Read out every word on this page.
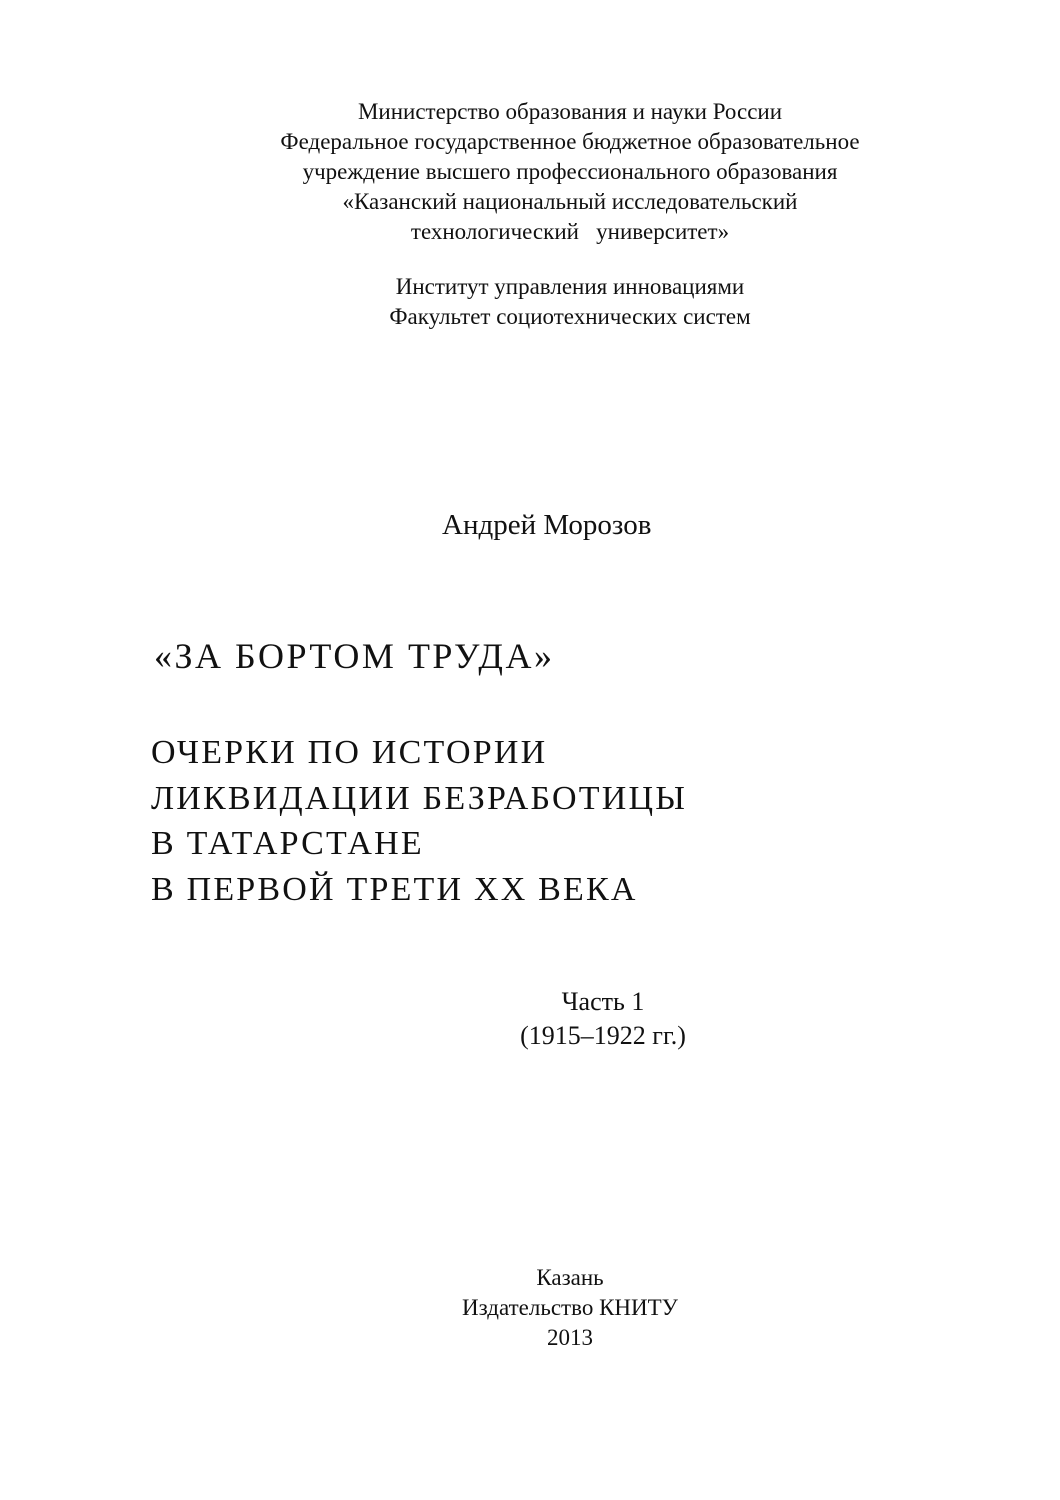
Министерство образования и науки России
Федеральное государственное бюджетное образовательное
учреждение высшего профессионального образования
«Казанский национальный исследовательский
технологический   университет»
Институт управления инновациями
Факультет социотехнических систем
Андрей Морозов
«ЗА БОРТОМ ТРУДА»
ОЧЕРКИ ПО ИСТОРИИ
ЛИКВИДАЦИИ БЕЗРАБОТИЦЫ
В ТАТАРСТАНЕ
В ПЕРВОЙ ТРЕТИ XX ВЕКА
Часть 1
(1915–1922 гг.)
Казань
Издательство КНИТУ
2013
